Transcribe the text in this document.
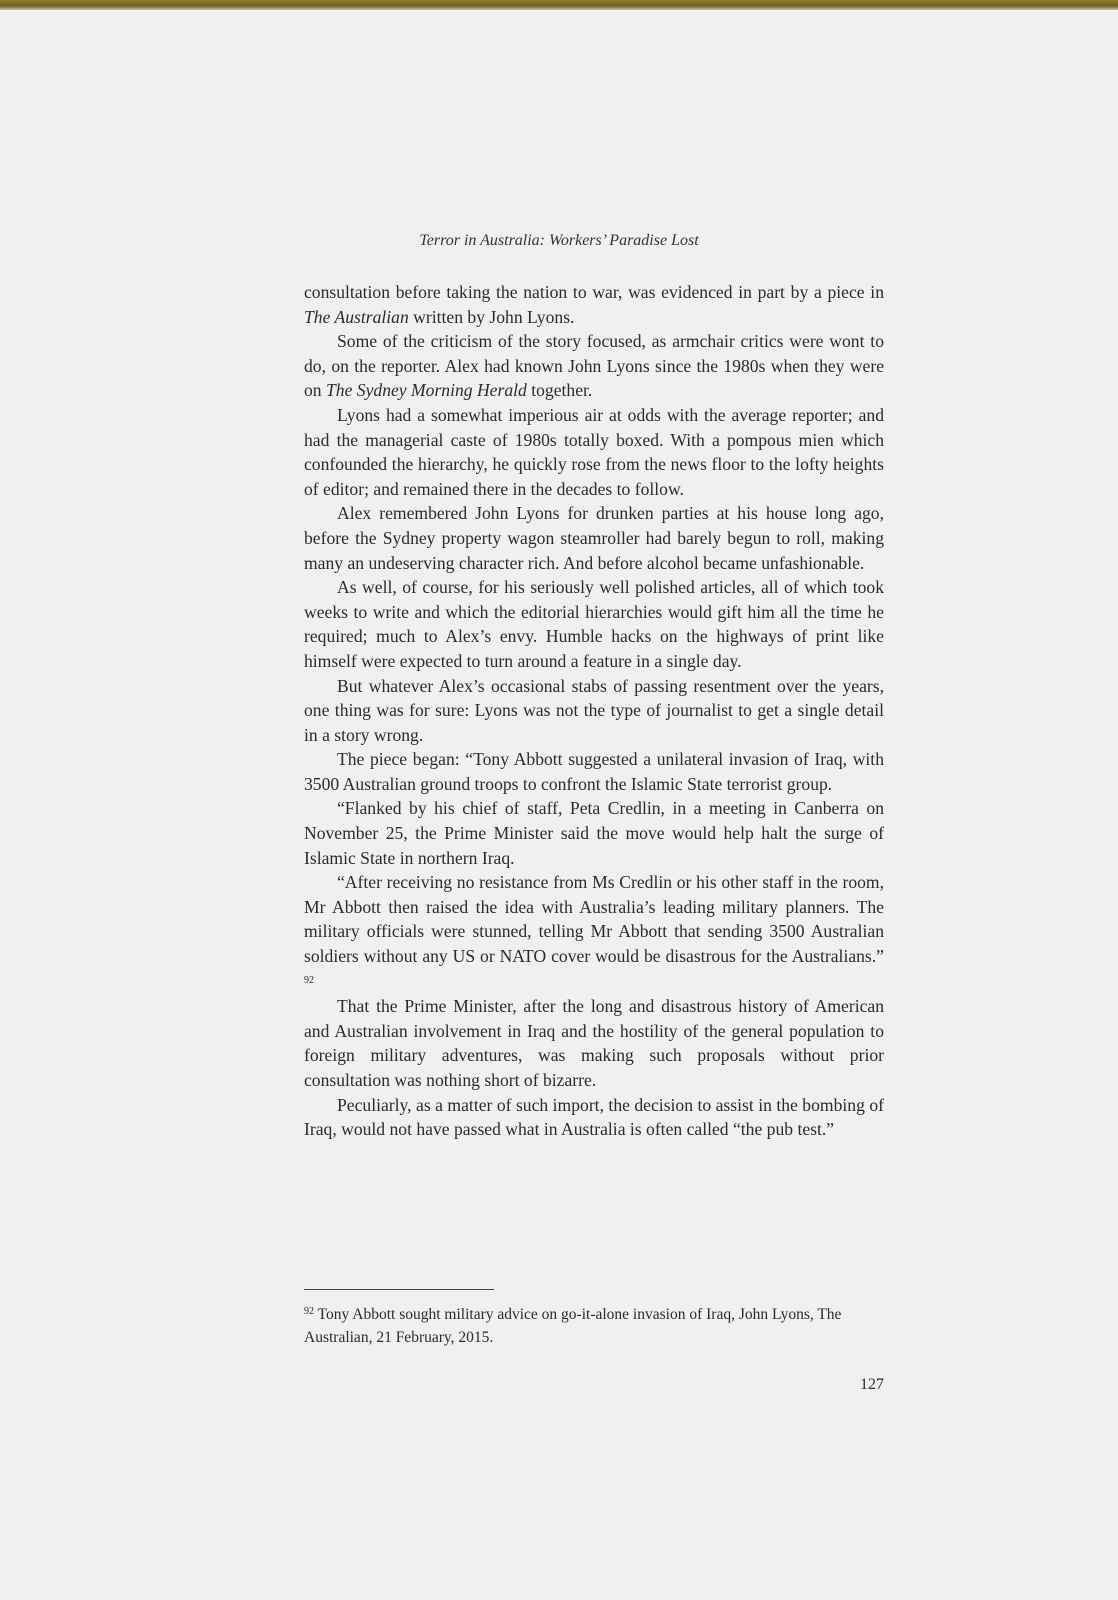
Terror in Australia: Workers’ Paradise Lost

consultation before taking the nation to war, was evidenced in part by a piece in The Australian written by John Lyons.

Some of the criticism of the story focused, as armchair critics were wont to do, on the reporter. Alex had known John Lyons since the 1980s when they were on The Sydney Morning Herald together.

Lyons had a somewhat imperious air at odds with the average reporter; and had the managerial caste of 1980s totally boxed. With a pompous mien which confounded the hierarchy, he quickly rose from the news floor to the lofty heights of editor; and remained there in the decades to follow.

Alex remembered John Lyons for drunken parties at his house long ago, before the Sydney property wagon steamroller had barely begun to roll, making many an undeserving character rich. And before alcohol became unfashionable.

As well, of course, for his seriously well polished articles, all of which took weeks to write and which the editorial hierarchies would gift him all the time he required; much to Alex’s envy. Humble hacks on the highways of print like himself were expected to turn around a feature in a single day.

But whatever Alex’s occasional stabs of passing resentment over the years, one thing was for sure: Lyons was not the type of journalist to get a single detail in a story wrong.

The piece began: “Tony Abbott suggested a unilateral invasion of Iraq, with 3500 Australian ground troops to confront the Islamic State terrorist group.

“Flanked by his chief of staff, Peta Credlin, in a meeting in Canberra on November 25, the Prime Minister said the move would help halt the surge of Islamic State in northern Iraq.

“After receiving no resistance from Ms Credlin or his other staff in the room, Mr Abbott then raised the idea with Australia’s leading military planners. The military officials were stunned, telling Mr Abbott that sending 3500 Australian soldiers without any US or NATO cover would be disastrous for the Australians.” $^{92}$

That the Prime Minister, after the long and disastrous history of American and Australian involvement in Iraq and the hostility of the general population to foreign military adventures, was making such proposals without prior consultation was nothing short of bizarre.

Peculiarly, as a matter of such import, the decision to assist in the bombing of Iraq, would not have passed what in Australia is often called “the pub test.”

$^{92}$ Tony Abbott sought military advice on go-it-alone invasion of Iraq, John Lyons, The Australian, 21 February, 2015.
127
